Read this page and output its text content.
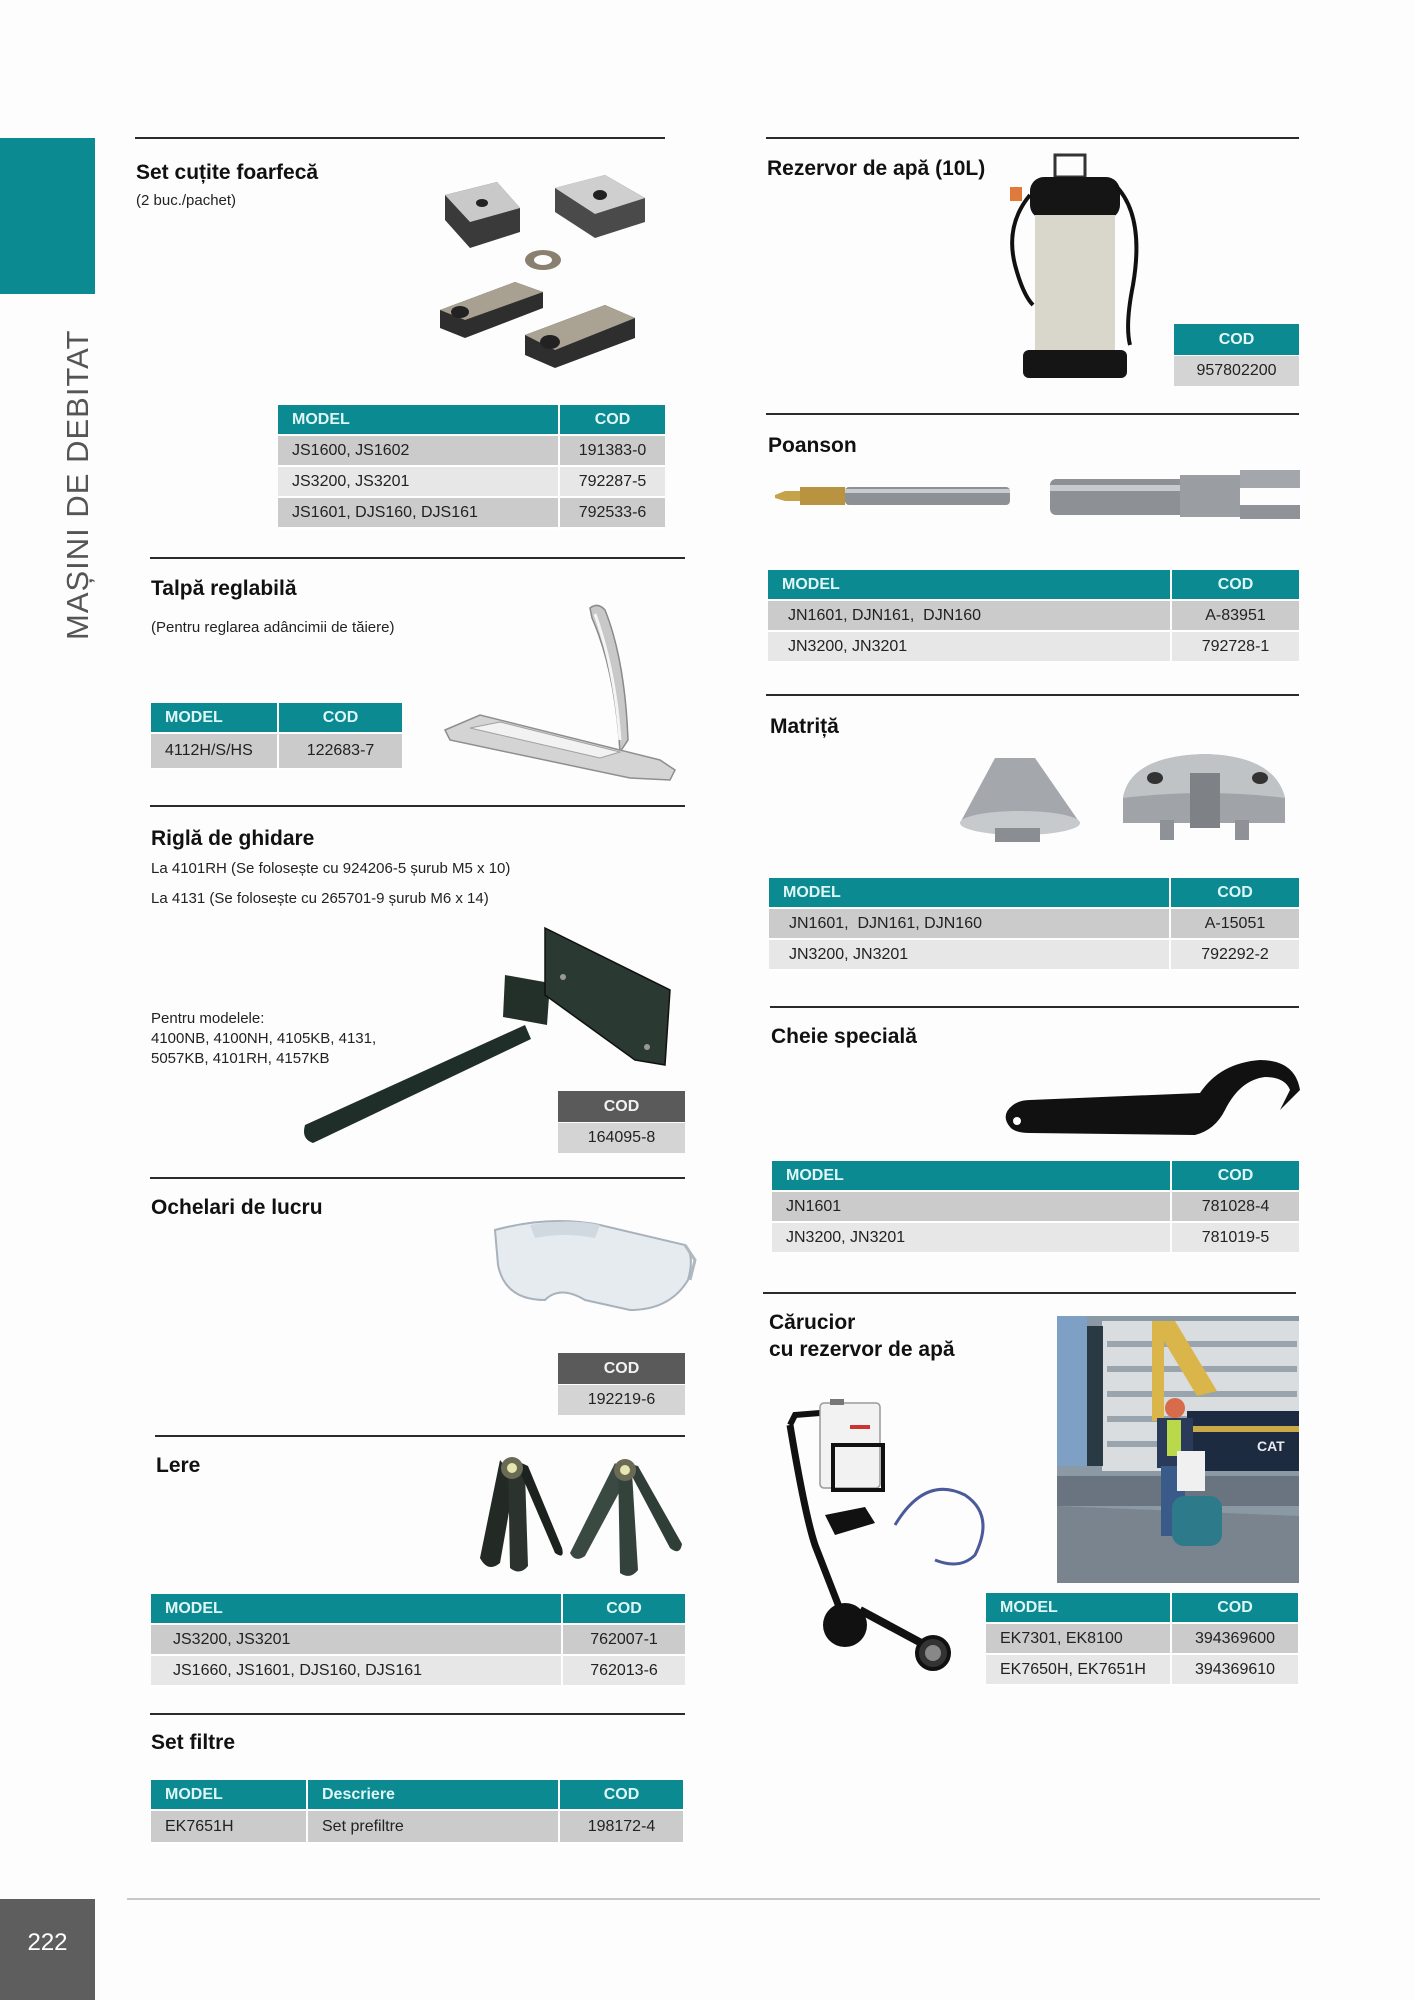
MAȘINI DE DEBITAT
Set cuțite foarfecă
(2 buc./pachet)
MODEL	COD
JS1600, JS1602	191383-0
JS3200, JS3201	792287-5
JS1601, DJS160, DJS161	792533-6
Talpă reglabilă
(Pentru reglarea adâncimii de tăiere)
MODEL	COD
4112H/S/HS	122683-7
Riglă de ghidare
La 4101RH (Se folosește cu 924206-5 șurub M5 x 10)
La 4131 (Se folosește cu 265701-9 șurub M6 x 14)
Pentru modelele:
4100NB, 4100NH, 4105KB, 4131,
5057KB, 4101RH, 4157KB
COD
164095-8
Ochelari de lucru
COD
192219-6
Lere
MODEL	COD
JS3200, JS3201	762007-1
JS1660, JS1601, DJS160, DJS161	762013-6
Set filtre
MODEL	Descriere	COD
EK7651H	Set prefiltre	198172-4
Rezervor de apă (10L)
COD
957802200
Poanson
MODEL	COD
JN1601, DJN161,  DJN160	A-83951
JN3200, JN3201	792728-1
Matriță
MODEL	COD
JN1601,  DJN161, DJN160	A-15051
JN3200, JN3201	792292-2
Cheie specială
MODEL	COD
JN1601	781028-4
JN3200, JN3201	781019-5
Cărucior
cu rezervor de apă
CAT
MODEL	COD
EK7301, EK8100	394369600
EK7650H, EK7651H	394369610
222
